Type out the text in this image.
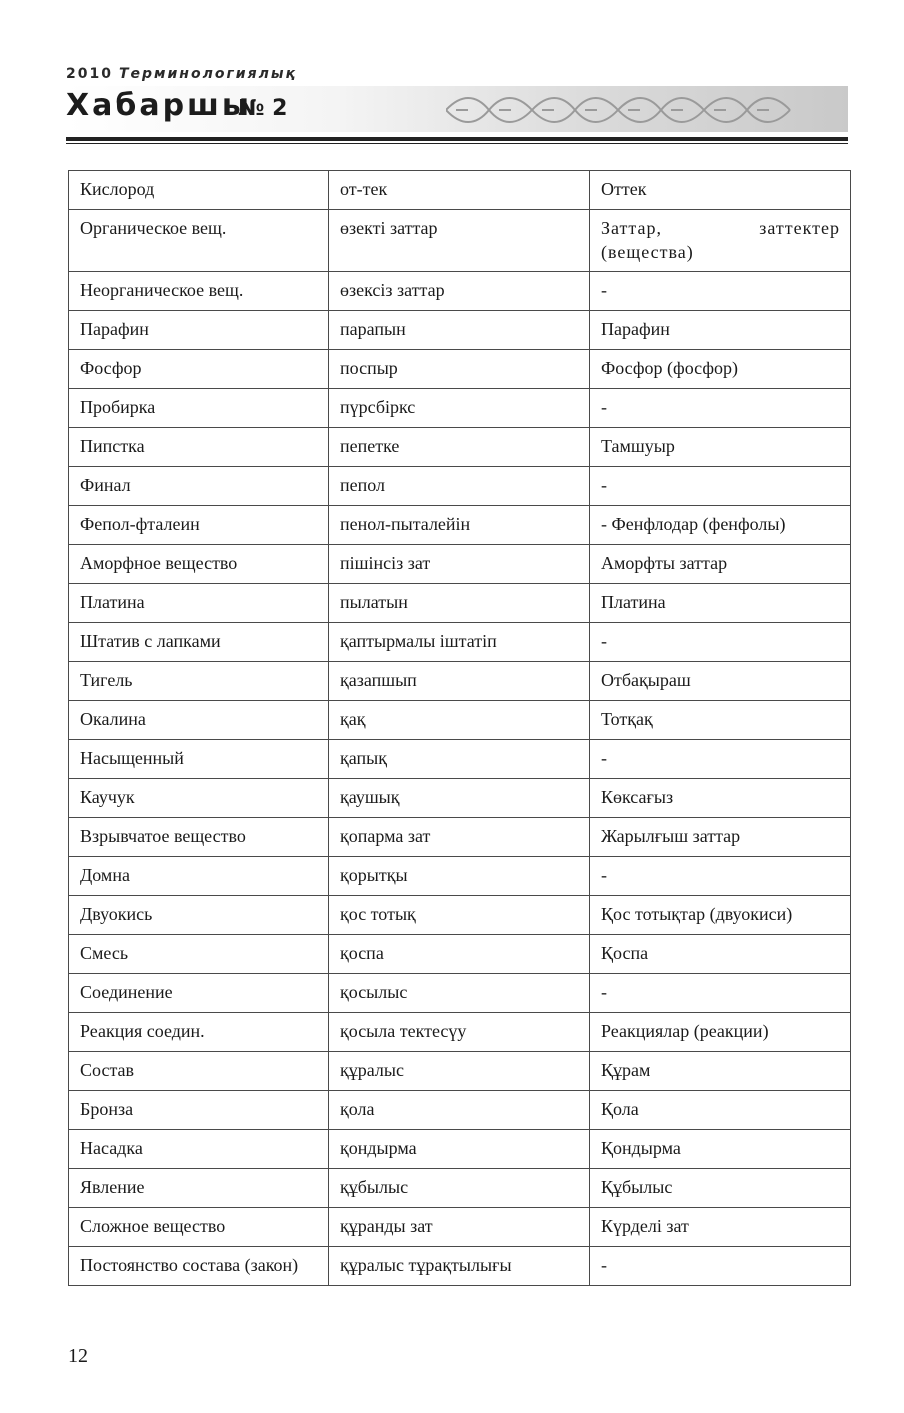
2010 Терминологиялық
Хабаршы
№ 2
Кислород	от-тек	Оттек
Органическое вещ.	өзекті заттар	Заттар, заттектер (вещества)
Неорганическое вещ.	өзексіз заттар	-
Парафин	парапын	Парафин
Фосфор	поспыр	Фосфор (фосфор)
Пробирка	пүрсбіркс	-
Пипстка	пепетке	Тамшуыр
Финал	пепол	-
Фепол-фталеин	пенол-пыталейін	- Фенфлодар (фенфолы)
Аморфное вещество	пішінсіз зат	Аморфты заттар
Платина	пылатын	Платина
Штатив с лапками	қаптырмалы іштатіп	-
Тигель	қазапшып	Отбақыраш
Окалина	қақ	Тотқақ
Насыщенный	қапық	-
Каучук	қаушық	Көксағыз
Взрывчатое вещество	қопарма зат	Жарылғыш заттар
Домна	қорытқы	-
Двуокись	қос тотық	Қос тотықтар (двуокиси)
Смесь	қоспа	Қоспа
Соединение	қосылыс	-
Реакция соедин.	қосыла тектесүу	Реакциялар (реакции)
Состав	құралыс	Құрам
Бронза	қола	Қола
Насадка	қондырма	Қондырма
Явление	құбылыс	Құбылыс
Сложное вещество	құранды зат	Күрделі зат
Постоянство состава (закон)	құралыс тұрақтылығы	-
12
